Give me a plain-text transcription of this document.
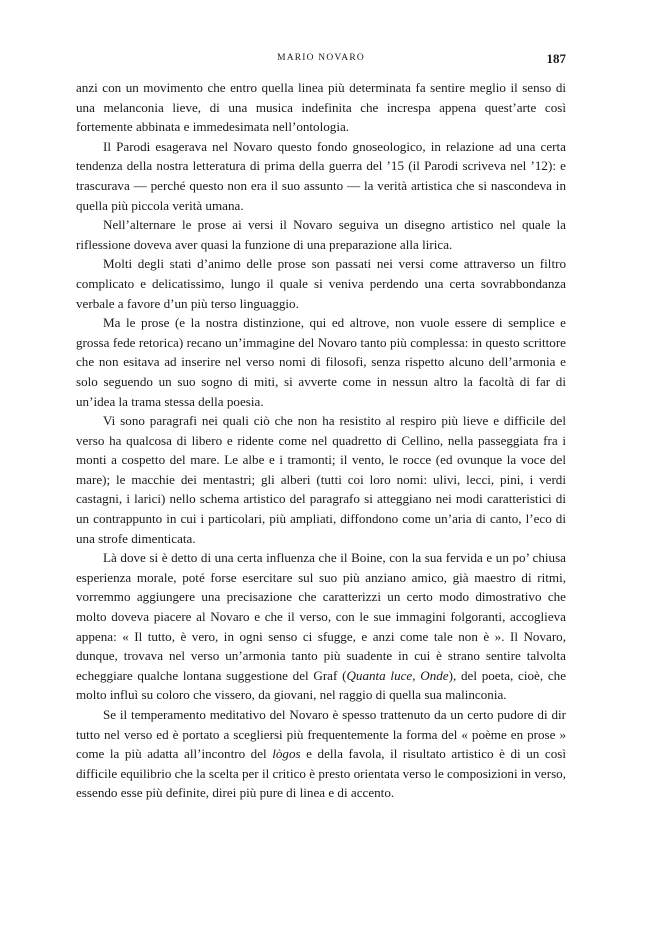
MARIO NOVARO	187

anzi con un movimento che entro quella linea più determinata fa sentire meglio il senso di una melanconia lieve, di una musica indefinita che increspa appena quest’arte così fortemente abbinata e immedesimata nell’ontologia.

Il Parodi esagerava nel Novaro questo fondo gnoseologico, in relazione ad una certa tendenza della nostra letteratura di prima della guerra del ’15 (il Parodi scriveva nel ’12): e trascurava — perché questo non era il suo assunto — la verità artistica che si nascondeva in quella più piccola verità umana.

Nell’alternare le prose ai versi il Novaro seguiva un disegno artistico nel quale la riflessione doveva aver quasi la funzione di una preparazione alla lirica.

Molti degli stati d’animo delle prose son passati nei versi come attraverso un filtro complicato e delicatissimo, lungo il quale si veniva perdendo una certa sovrabbondanza verbale a favore d’un più terso linguaggio.

Ma le prose (e la nostra distinzione, qui ed altrove, non vuole essere di semplice e grossa fede retorica) recano un’immagine del Novaro tanto più complessa: in questo scrittore che non esitava ad inserire nel verso nomi di filosofi, senza rispetto alcuno dell’armonia e solo seguendo un suo sogno di miti, si avverte come in nessun altro la facoltà di far di un’idea la trama stessa della poesia.

Vi sono paragrafi nei quali ciò che non ha resistito al respiro più lieve e difficile del verso ha qualcosa di libero e ridente come nel quadretto di Cellino, nella passeggiata fra i monti a cospetto del mare. Le albe e i tramonti; il vento, le rocce (ed ovunque la voce del mare); le macchie dei mentastri; gli alberi (tutti coi loro nomi: ulivi, lecci, pini, i verdi castagni, i larici) nello schema artistico del paragrafo si atteggiano nei modi caratteristici di un contrappunto in cui i particolari, più ampliati, diffondono come un’aria di canto, l’eco di una strofe dimenticata.

Là dove si è detto di una certa influenza che il Boine, con la sua fervida e un po’ chiusa esperienza morale, poté forse esercitare sul suo più anziano amico, già maestro di ritmi, vorremmo aggiungere una precisazione che caratterizzi un certo modo dimostrativo che molto doveva piacere al Novaro e che il verso, con le sue immagini folgoranti, accoglieva appena: « Il tutto, è vero, in ogni senso ci sfugge, e anzi come tale non è ». Il Novaro, dunque, trovava nel verso un’armonia tanto più suadente in cui è strano sentire talvolta echeggiare qualche lontana suggestione del Graf (Quanta luce, Onde), del poeta, cioè, che molto influì su coloro che vissero, da giovani, nel raggio di quella sua malinconia.

Se il temperamento meditativo del Novaro è spesso trattenuto da un certo pudore di dir tutto nel verso ed è portato a scegliersi più frequentemente la forma del « poème en prose » come la più adatta all’incontro del lògos e della favola, il risultato artistico è di un così difficile equilibrio che la scelta per il critico è presto orientata verso le composizioni in verso, essendo esse più definite, direi più pure di linea e di accento.
